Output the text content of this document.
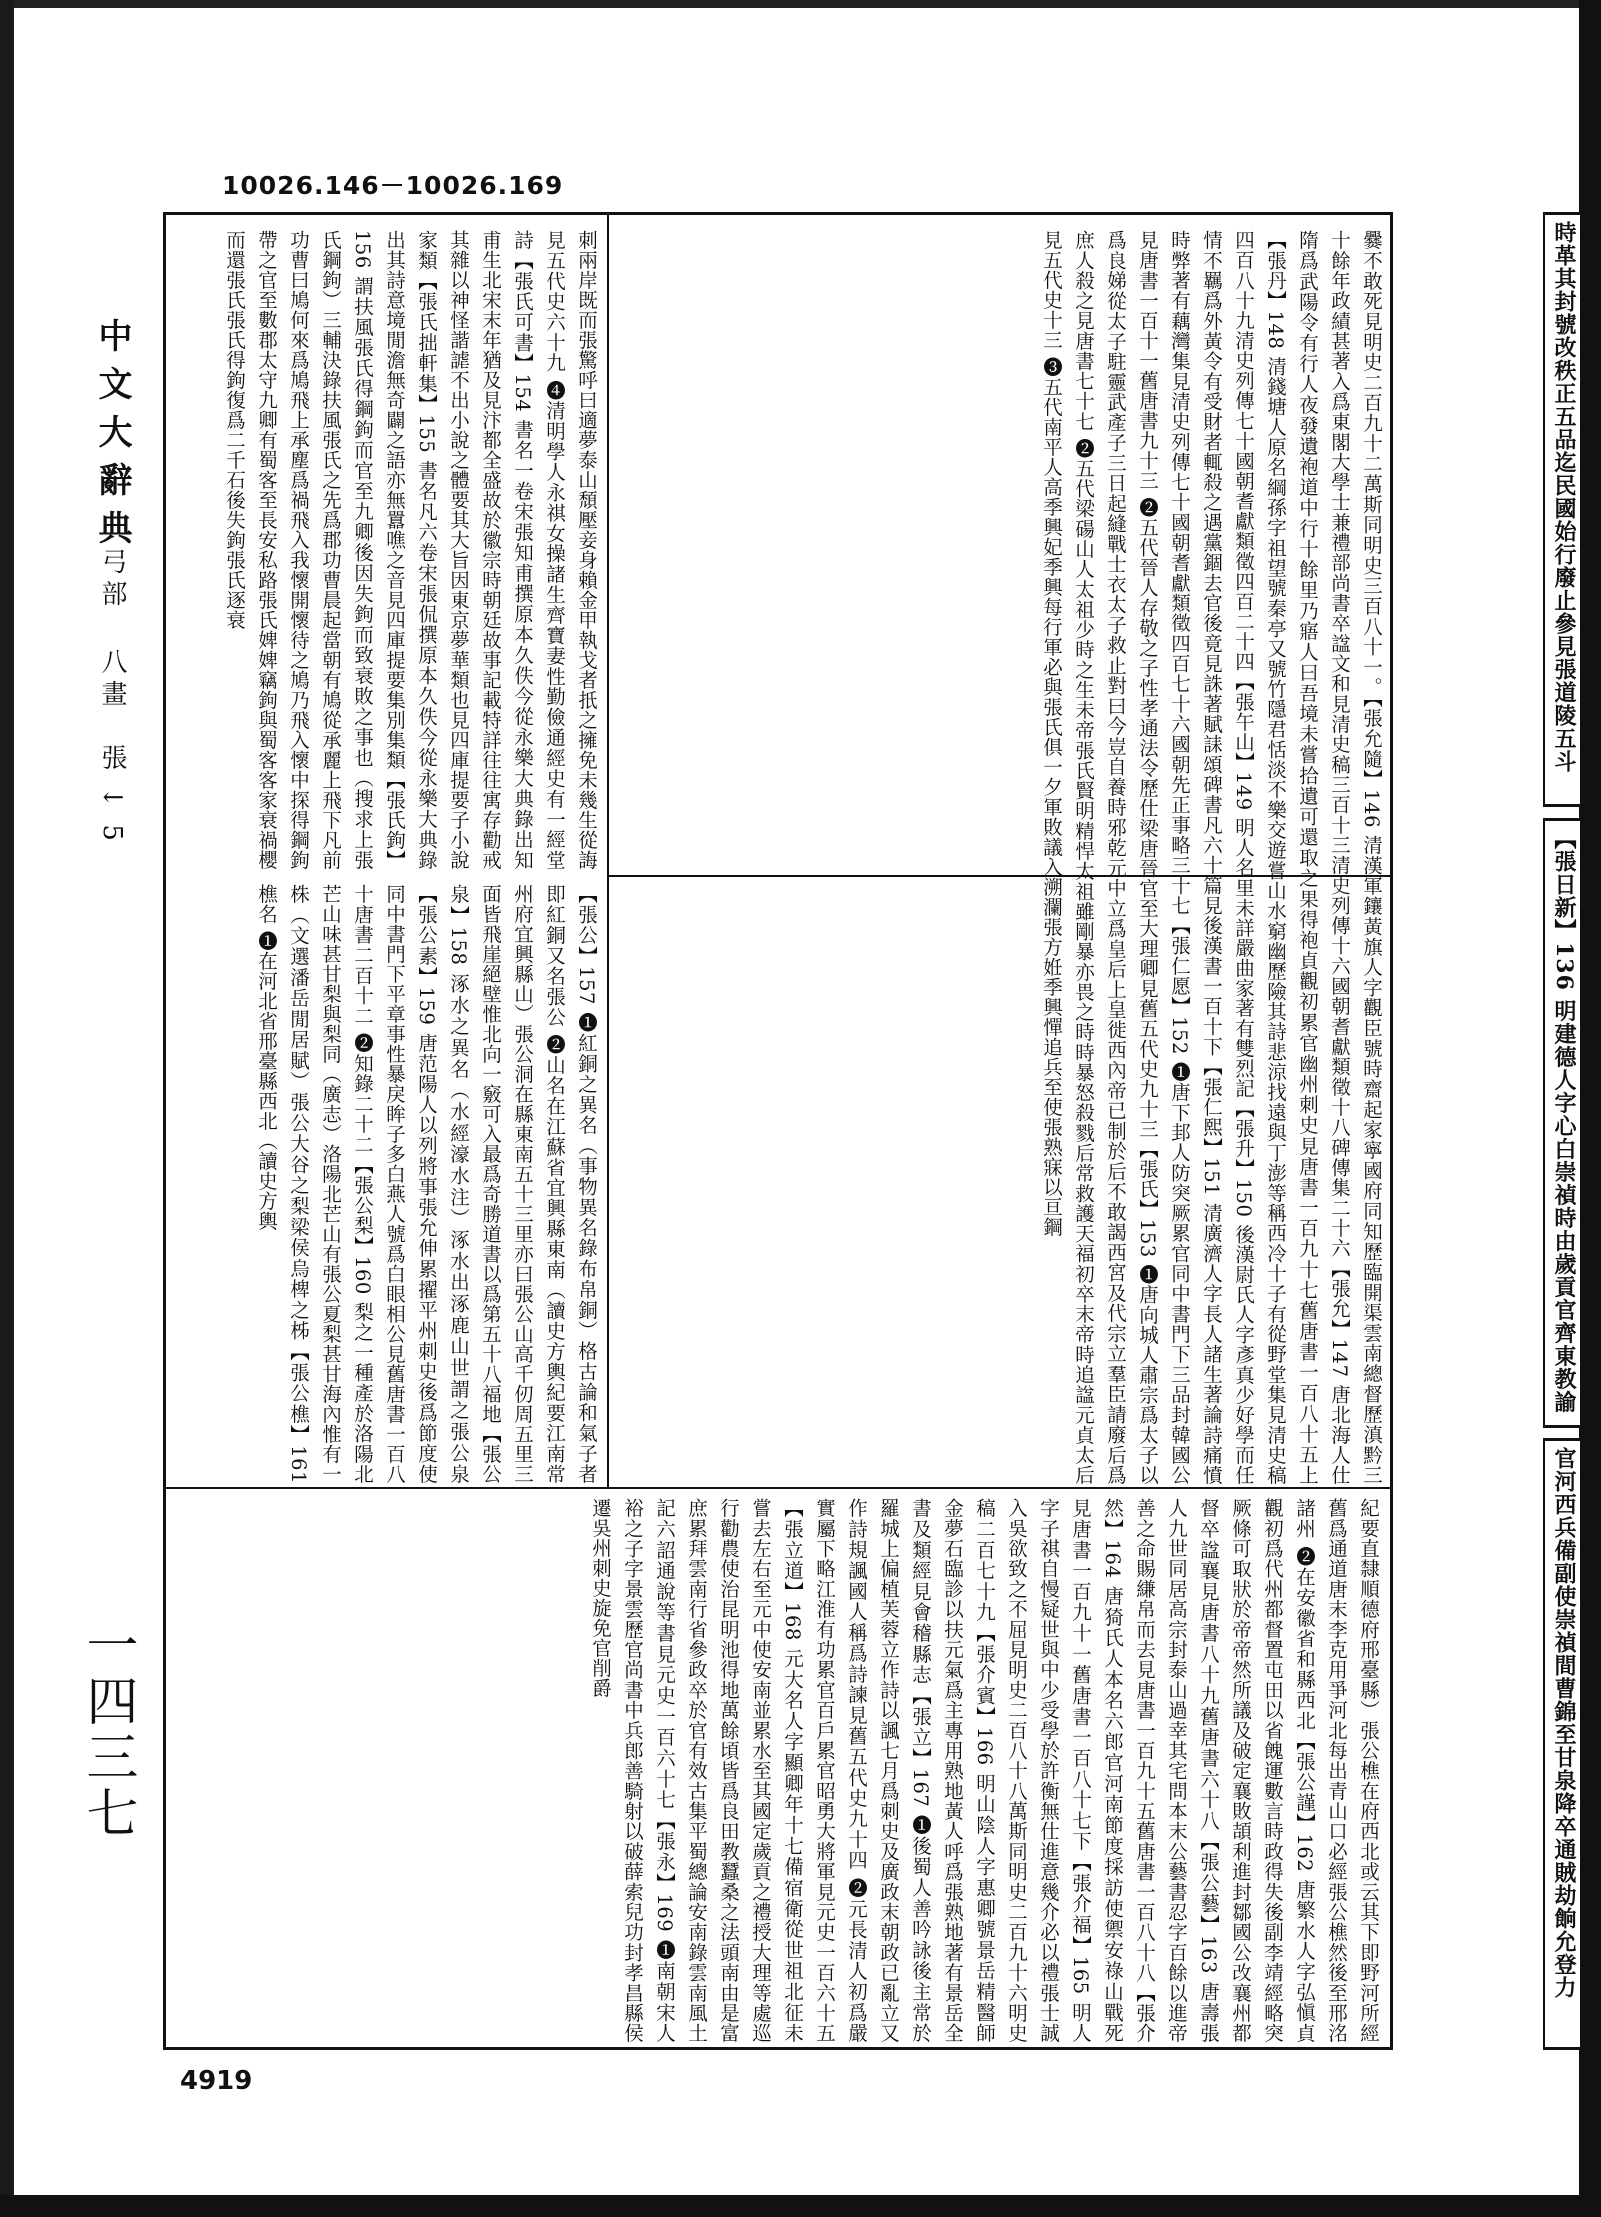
10026.146－10026.169
中文大辭典
弓部
八畫
張 ↓ 5
一四三七
爨不敢死見明史二百九十二萬斯同明史三百八十一。【張允隨】146 清漢軍鑲黃旗人字觀臣號時齋起家寧國府同知歷臨開渠雲南總督歷滇黔三十餘年政績甚著入爲東閣大學士兼禮部尚書卒諡文和見清史稿三百十三清史列傳十六國朝耆獻類徵十八碑傳集二十六【張允】147 唐北海人仕隋爲武陽令有行人夜發遺袍道中行十餘里乃寤人曰吾境未嘗拾遺可還取之果得袍貞觀初累官幽州刺史見唐書一百九十七舊唐書一百八十五上【張丹】148 清錢塘人原名綱孫字祖望號秦亭又號竹隱君恬淡不樂交遊嘗山水窮幽歷險其詩悲涼找遠與丁澎等稱西冷十子有從野堂集見清史稿四百八十九清史列傳七十國朝耆獻類徵四百二十四【張午山】149 明人名里未詳嚴曲家著有雙烈記【張升】150 後漢尉氏人字彥真少好學而任情不羈爲外黃令有受財者輒殺之遇黨錮去官後竟見誅著賦誄頌碑書凡六十篇見後漢書一百十下【張仁熙】151 清廣濟人字長人諸生著論詩痛憤時弊著有藕灣集見清史列傳七十國朝耆獻類徵四百七十六國朝先正事略三十七【張仁愿】152 ❶唐下邽人防突厥累官同中書門下三品封韓國公見唐書一百十一舊唐書九十三 ❷五代晉人存敬之子性孝通法令歷仕梁唐晉官至大理卿見舊五代史九十三【張氏】153 ❶唐向城人肅宗爲太子以爲良娣從太子駐靈武產子三日起縫戰士衣太子救止對曰今豈自養時邪乾元中立爲皇后上皇徙西內帝已制於后不敢謁西宮及代宗立羣臣請廢后爲庶人殺之見唐書七十七 ❷五代梁碭山人太祖少時之生未帝張氏賢明精悍太祖雖剛暴亦畏之時時暴怒殺戮后常救護天福初卒末帝時追諡元貞太后見五代史十三 ❸五代南平人高季興妃季興每行軍必與張氏俱一夕軍敗議入溯瀾張方姙季興憚追兵至使張熟寐以亘鋼
刺兩岸既而張驚呼曰適夢泰山頹壓妾身賴金甲執戈者扺之擁免未幾生從誨見五代史六十九 ❹清明學人永祺女操諸生齊寶妻性勤儉通經史有一經堂詩【張氏可書】154 書名一卷宋張知甫撰原本久佚今從永樂大典錄出知甫生北宋末年猶及見汴都全盛故於徽宗時朝廷故事記載特詳往往寓存勸戒其雜以神怪諧謔不出小說之體要其大旨因東京夢華類也見四庫提要子小說家類【張氏拙軒集】155 書名凡六卷宋張侃撰原本久佚今從永樂大典錄出其詩意境閒澹無奇闢之語亦無囂噍之音見四庫提要集別集類【張氏鉤】156 謂扶風張氏得鋼鉤而官至九卿後因失鉤而致衰敗之事也（搜求上張氏鋼鉤）三輔決錄扶風張氏之先爲郡功曹晨起當朝有鳩從承麗上飛下凡前功曹曰鳩何來爲鳩飛上承塵爲禍飛入我懷開懷待之鳩乃飛入懷中探得鋼鉤帶之官至數郡太守九卿有蜀客至長安私路張氏婢婢竊鉤與蜀客客家衰禍櫻而還張氏張氏得鉤復爲二千石後失鉤張氏逐衰
【張公】157 ❶紅銅之異名（事物異名錄布帛銅）格古論和氣子者即紅銅又名張公 ❷山名在江蘇省宜興縣東南（讀史方輿紀要江南常州府宜興縣山）張公洞在縣東南五十三里亦曰張公山高千仞周五里三面皆飛崖絕壁惟北向一竅可入最爲奇勝道書以爲第五十八福地【張公泉】158 涿水之異名（水經濠水注）涿水出涿鹿山世謂之張公泉【張公素】159 唐范陽人以列將事張允伸累擢平州刺史後爲節度使同中書門下平章事性暴戾眸子多白燕人號爲白眼相公見舊唐書一百八十唐書二百十二 ❷知錄二十二【張公梨】160 梨之一種產於洛陽北芒山味甚甘梨與梨同（廣志）洛陽北芒山有張公夏梨甚甘海內惟有一株（文選潘岳閒居賦）張公大谷之梨梁侯烏椑之柹【張公樵】161 樵名 ❶在河北省邢臺縣西北（讀史方輿
紀要直隸順德府邢臺縣）張公樵在府西北或云其下即野河所經舊爲通道唐末李克用爭河北每出青山口必經張公樵然後至邢洺諸州 ❷在安徽省和縣西北【張公謹】162 唐繁水人字弘愼貞觀初爲代州都督置屯田以省餽運數言時政得失後副李靖經略突厥條可取狀於帝帝然所議及破定襄敗頡利進封鄒國公改襄州都督卒諡襄見唐書八十九舊唐書六十八【張公藝】163 唐壽張人九世同居高宗封泰山過幸其宅問本末公藝書忍字百餘以進帝善之命賜縑帛而去見唐書一百九十五舊唐書一百八十八【張介然】164 唐猗氏人本名六郎官河南節度採訪使禦安祿山戰死見唐書一百九十一舊唐書一百八十七下【張介福】165 明人字子祺自慢疑世與中少受學於許衡無仕進意幾介必以禮張士誠入吳欲致之不屈見明史二百八十八萬斯同明史二百九十六明史稿二百七十九【張介賓】166 明山陰人字惠卿號景岳精醫師金夢石臨診以扶元氣爲主專用熟地黃人呼爲張熟地著有景岳全書及類經見會稽縣志【張立】167 ❶後蜀人善吟詠後主常於羅城上偏植芙蓉立作詩以諷七月爲刺史及廣政末朝政已亂立又作詩規諷國人稱爲詩諫見舊五代史九十四 ❷元長清人初爲嚴實屬下略江淮有功累官百戶累官昭勇大將軍見元史一百六十五【張立道】168 元大名人字顯卿年十七備宿衛從世祖北征未嘗去左右至元中使安南並累水至其國定歲貢之禮授大理等處巡行勸農使治昆明池得地萬餘頃皆爲良田教蠶桑之法頭南由是富庶累拜雲南行省參政卒於官有效古集平蜀總論安南錄雲南風土記六詔通說等書見元史一百六十七【張永】169 ❶南朝宋人裕之子字景雲歷官尚書中兵郎善騎射以破薛索兒功封孝昌縣侯遷吳州刺史旋免官削爵
時革其封號改秩正五品迄民國始行廢止參見張道陵五斗
【張日新】136 明建德人字心白崇禎時由歲貢官齊東教諭
官河西兵備副使崇禎間曹錦至甘泉降卒通賊劫餉允登力
4919
